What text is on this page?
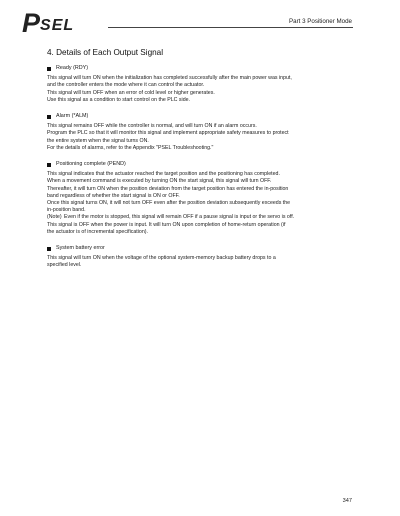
PSEL	Part 3 Positioner Mode
4. Details of Each Output Signal
Ready (RDY)
This signal will turn ON when the initialization has completed successfully after the main power was input,
and the controller enters the mode where it can control the actuator.
This signal will turn OFF when an error of cold level or higher generates.
Use this signal as a condition to start control on the PLC side.
Alarm (*ALM)
This signal remains OFF while the controller is normal, and will turn ON if an alarm occurs.
Program the PLC so that it will monitor this signal and implement appropriate safety measures to protect
the entire system when the signal turns ON.
For the details of alarms, refer to the Appendix "PSEL Troubleshooting."
Positioning complete (PEND)
This signal indicates that the actuator reached the target position and the positioning has completed.
When a movement command is executed by turning ON the start signal, this signal will turn OFF.
Thereafter, it will turn ON when the position deviation from the target position has entered the in-position
band regardless of whether the start signal is ON or OFF.
Once this signal turns ON, it will not turn OFF even after the position deviation subsequently exceeds the
in-position band.
(Note) Even if the motor is stopped, this signal will remain OFF if a pause signal is input or the servo is off.
This signal is OFF when the power is input. It will turn ON upon completion of home-return operation (if
the actuator is of incremental specification).
System battery error
This signal will turn ON when the voltage of the optional system-memory backup battery drops to a
specified level.
347
